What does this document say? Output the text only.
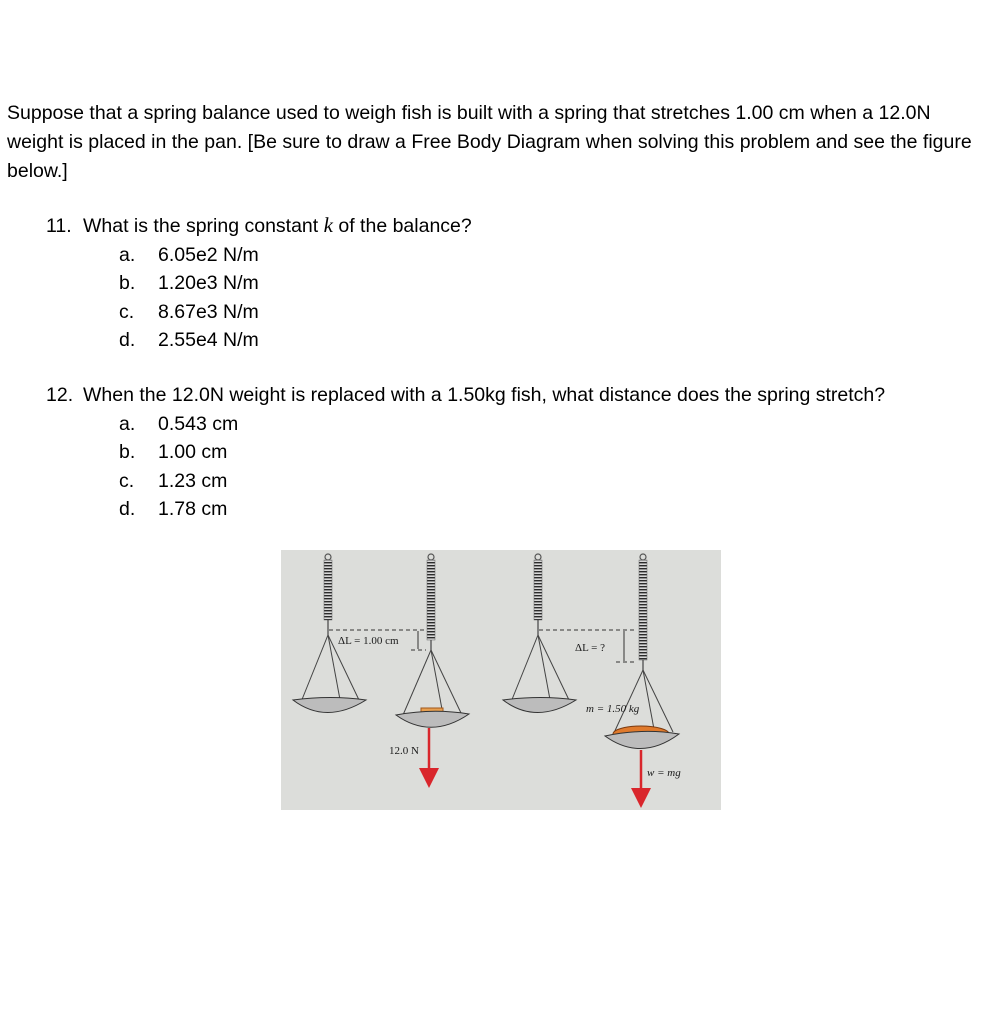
Suppose that a spring balance used to weigh fish is built with a spring that stretches 1.00 cm when a 12.0N weight is placed in the pan. [Be sure to draw a Free Body Diagram when solving this problem and see the figure below.]

11. What is the spring constant k of the balance?
a. 6.05e2 N/m
b. 1.20e3 N/m
c. 8.67e3 N/m
d. 2.55e4 N/m
12. When the 12.0N weight is replaced with a 1.50kg fish, what distance does the spring stretch?
a. 0.543 cm
b. 1.00 cm
c. 1.23 cm
d. 1.78 cm
ΔL = 1.00 cm
12.0 N
ΔL = ?
m = 1.50 kg
w = mg
